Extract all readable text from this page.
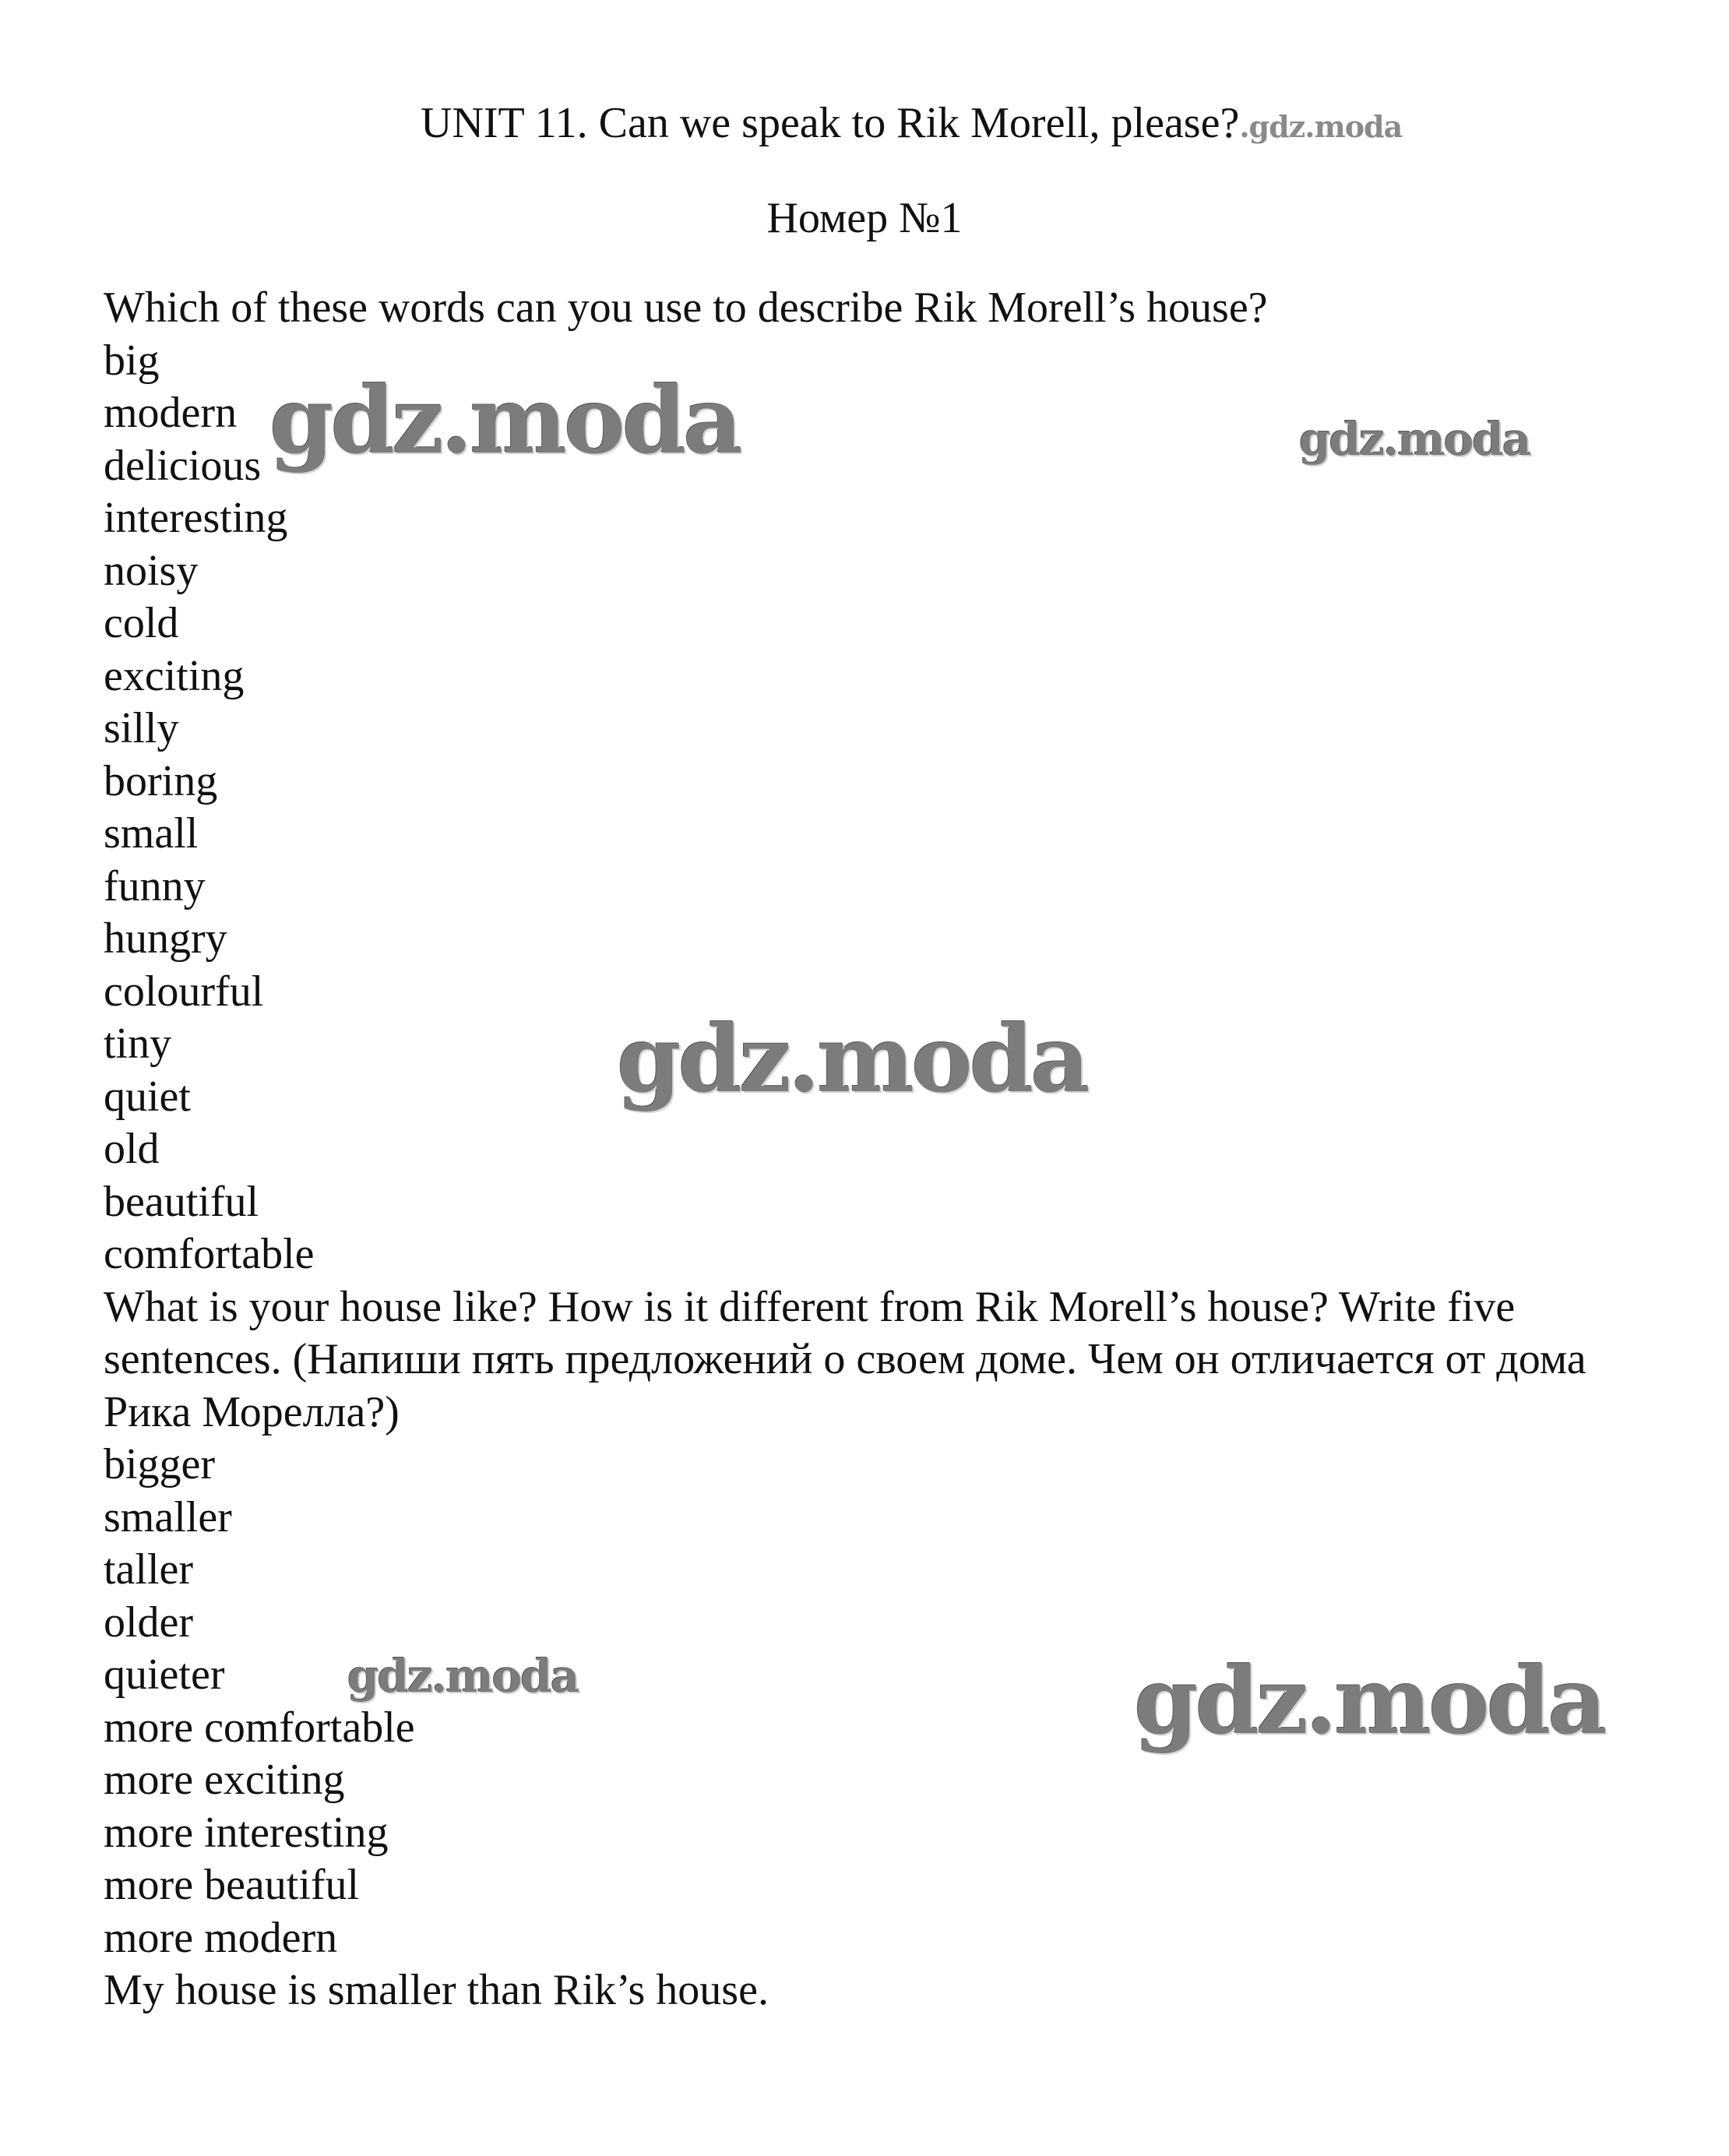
UNIT 11. Can we speak to Rik Morell, please?.gdz.moda
Номер №1
Which of these words can you use to describe Rik Morell’s house?
big
modern
delicious
interesting
noisy
cold
exciting
silly
boring
small
funny
hungry
colourful
tiny
quiet
old
beautiful
comfortable
What is your house like? How is it different from Rik Morell’s house? Write five sentences. (Напиши пять предложений о своем доме. Чем он отличается от дома Рика Морелла?)
bigger
smaller
taller
older
quieter
more comfortable
more exciting
more interesting
more beautiful
more modern
My house is smaller than Rik’s house.
gdz.moda	gdz.moda
gdz.moda
gdz.moda	gdz.moda
